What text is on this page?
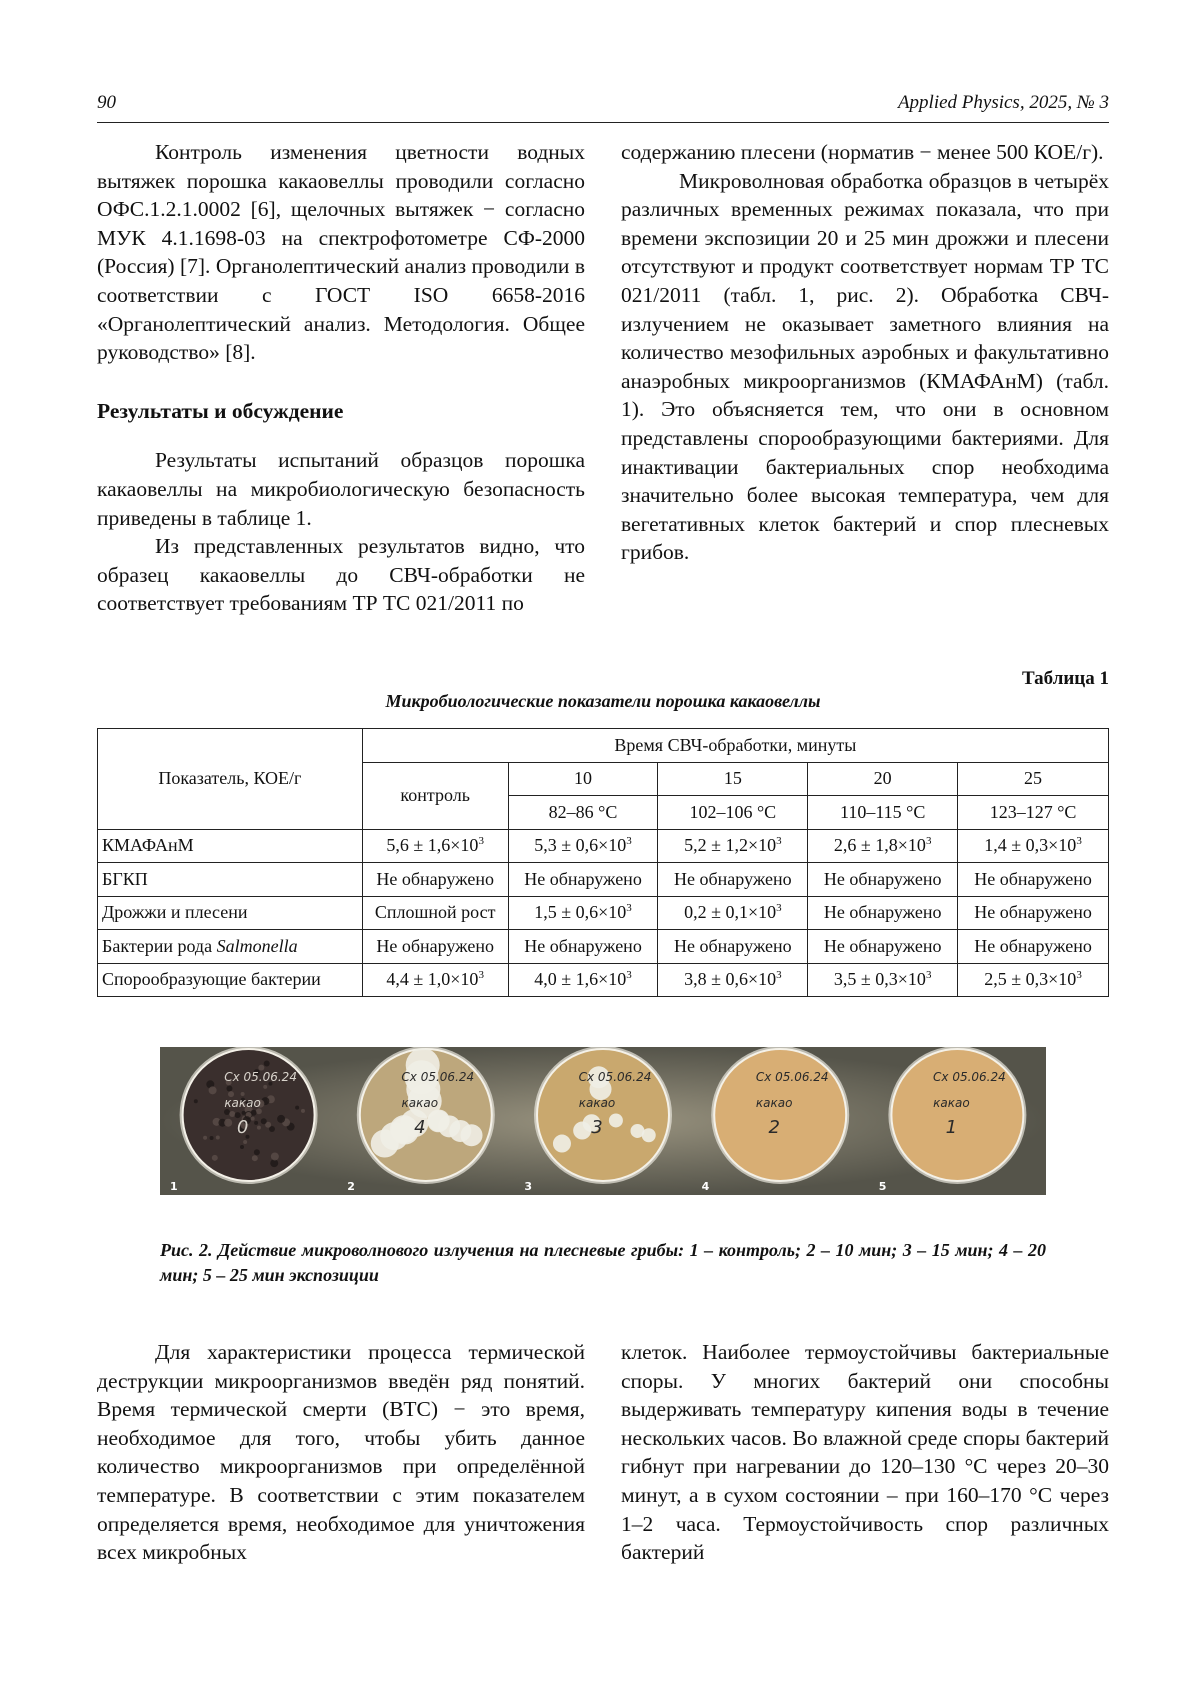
90	Applied Physics, 2025, № 3

Контроль изменения цветности водных вытяжек порошка какаовеллы проводили согласно ОФС.1.2.1.0002 [6], щелочных вытяжек − согласно МУК 4.1.1698-03 на спектрофотометре СФ-2000 (Россия) [7]. Органолептический анализ проводили в соответствии с ГОСТ ISO 6658-2016 «Органолептический анализ. Методология. Общее руководство» [8].

Результаты и обсуждение

Результаты испытаний образцов порошка какаовеллы на микробиологическую безопасность приведены в таблице 1.

Из представленных результатов видно, что образец какаовеллы до СВЧ-обработки не соответствует требованиям ТР ТС 021/2011 по

содержанию плесени (норматив − менее 500 КОЕ/г).

Микроволновая обработка образцов в четырёх различных временных режимах показала, что при времени экспозиции 20 и 25 мин дрожжи и плесени отсутствуют и продукт соответствует нормам ТР ТС 021/2011 (табл. 1, рис. 2). Обработка СВЧ-излучением не оказывает заметного влияния на количество мезофильных аэробных и факультативно анаэробных микроорганизмов (КМАФАнМ) (табл. 1). Это объясняется тем, что они в основном представлены спорообразующими бактериями. Для инактивации бактериальных спор необходима значительно более высокая температура, чем для вегетативных клеток бактерий и спор плесневых грибов.

Таблица 1
Микробиологические показатели порошка какаовеллы
Показатель, КОЕ/г	Время СВЧ-обработки, минуты				
	контроль	10	15	20	25
		82–86 °C	102–106 °C	110–115 °C	123–127 °C
КМАФАнМ	$5,6 \pm 1,6\times 10^3$	$5,3 \pm 0,6\times 10^3$	$5,2 \pm 1,2\times 10^3$	$2,6 \pm 1,8\times 10^3$	$1,4 \pm 0,3\times 10^3$
БГКП	Не обнаружено	Не обнаружено	Не обнаружено	Не обнаружено	Не обнаружено
Дрожжи и плесени	Сплошной рост	$1,5 \pm 0,6\times 10^3$	$0,2 \pm 0,1\times 10^3$	Не обнаружено	Не обнаружено
Бактерии рода Salmonella	Не обнаружено	Не обнаружено	Не обнаружено	Не обнаружено	Не обнаружено
Спорообразующие бактерии	$4,4 \pm 1,0\times 10^3$	$4,0 \pm 1,6\times 10^3$	$3,8 \pm 0,6\times 10^3$	$3,5 \pm 0,3\times 10^3$	$2,5 \pm 0,3\times 10^3$
Cх 05.06.24
какао
0
1
Cх 05.06.24
какао
4
2
Cх 05.06.24
какао
3
3
Cх 05.06.24
какао
2
4
Cх 05.06.24
какао
1
5
Рис. 2. Действие микроволнового излучения на плесневые грибы: 1 – контроль; 2 – 10 мин; 3 – 15 мин; 4 – 20 мин; 5 – 25 мин экспозиции

Для характеристики процесса термической деструкции микроорганизмов введён ряд понятий. Время термической смерти (ВТС) − это время, необходимое для того, чтобы убить данное количество микроорганизмов при определённой температуре. В соответствии с этим показателем определяется время, необходимое для уничтожения всех микробных

клеток. Наиболее термоустойчивы бактериальные споры. У многих бактерий они способны выдерживать температуру кипения воды в течение нескольких часов. Во влажной среде споры бактерий гибнут при нагревании до 120–130 °C через 20–30 минут, а в сухом состоянии – при 160–170 °C через 1–2 часа. Термоустойчивость спор различных бактерий
